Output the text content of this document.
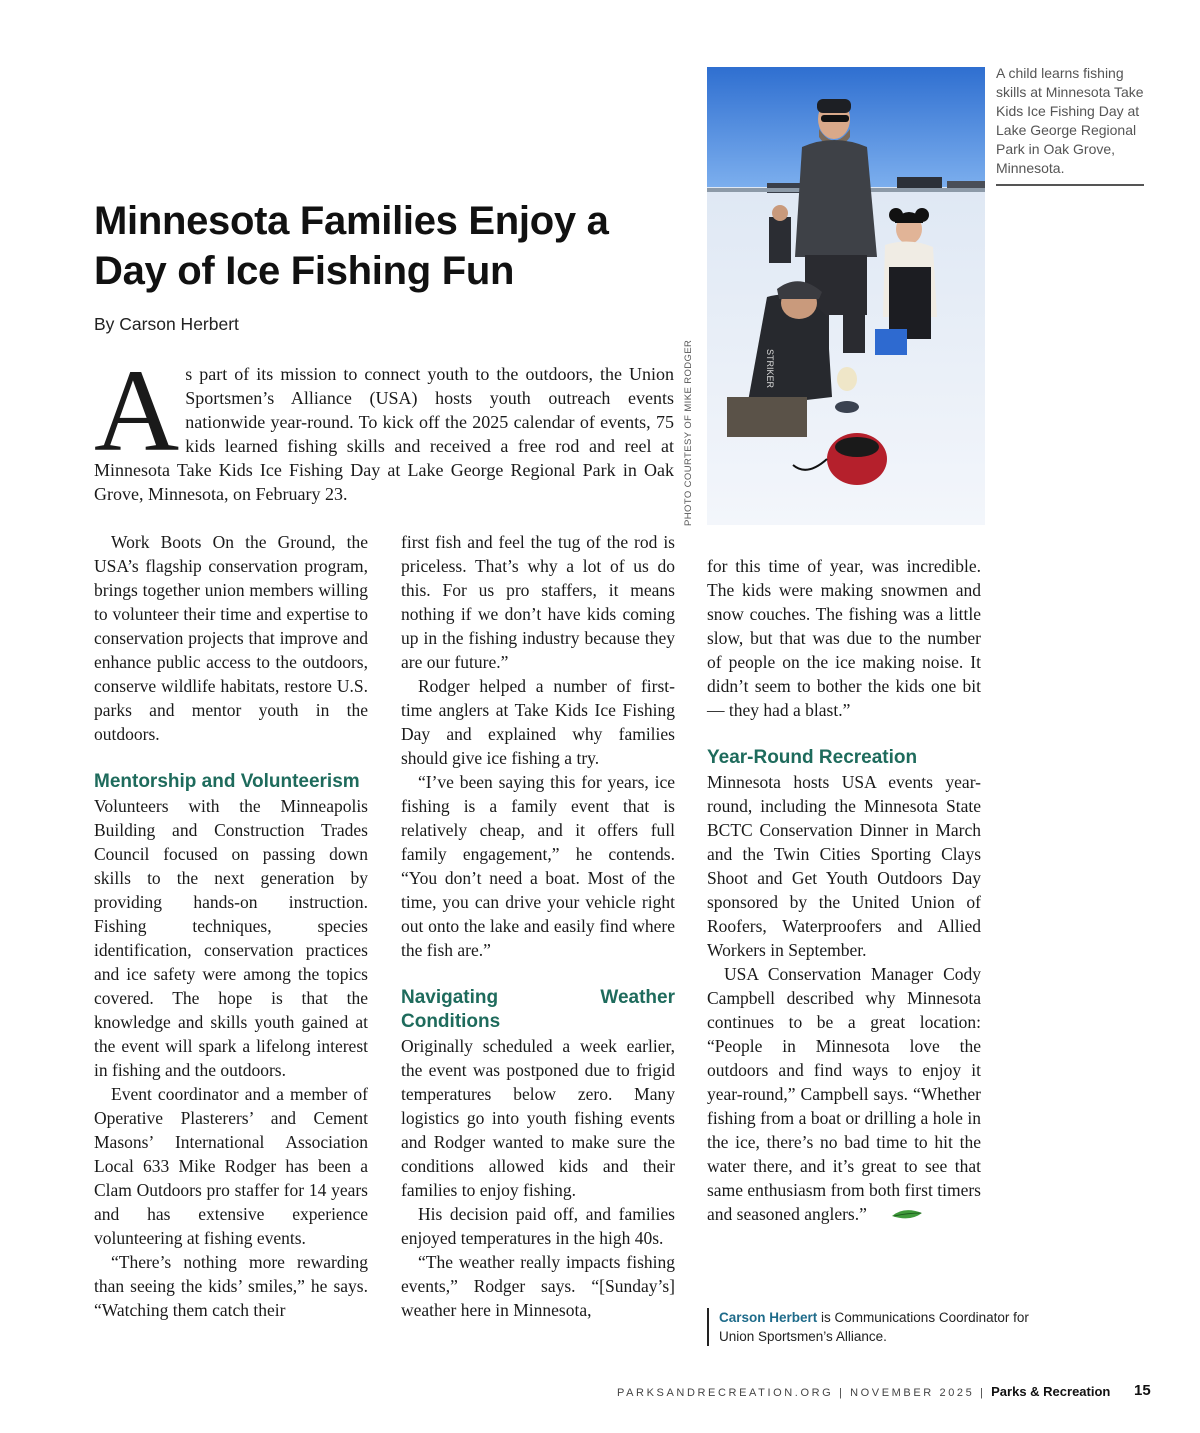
Minnesota Families Enjoy a Day of Ice Fishing Fun
By Carson Herbert

As part of its mission to connect youth to the outdoors, the Union Sportsmen’s Alliance (USA) hosts youth outreach events nationwide year-round. To kick off the 2025 calendar of events, 75 kids learned fishing skills and received a free rod and reel at Minnesota Take Kids Ice Fishing Day at Lake George Regional Park in Oak Grove, Minnesota, on February 23.

STRIKER
PHOTO COURTESY OF MIKE RODGER
A child learns fishing skills at Minnesota Take Kids Ice Fishing Day at Lake George Regional Park in Oak Grove, Minnesota.

Work Boots On the Ground, the USA’s flagship conservation program, brings together union members willing to volunteer their time and expertise to conservation projects that improve and enhance public access to the outdoors, conserve wildlife habitats, restore U.S. parks and mentor youth in the outdoors.

Mentorship and Volunteerism

Volunteers with the Minneapolis Building and Construction Trades Council focused on passing down skills to the next generation by providing hands-on instruction. Fishing techniques, species identification, conservation practices and ice safety were among the topics covered. The hope is that the knowledge and skills youth gained at the event will spark a lifelong interest in fishing and the outdoors.

Event coordinator and a member of Operative Plasterers’ and Cement Masons’ International Association Local 633 Mike Rodger has been a Clam Outdoors pro staffer for 14 years and has extensive experience volunteering at fishing events.

“There’s nothing more rewarding than seeing the kids’ smiles,” he says. “Watching them catch their

first fish and feel the tug of the rod is priceless. That’s why a lot of us do this. For us pro staffers, it means nothing if we don’t have kids coming up in the fishing industry because they are our future.”

Rodger helped a number of first-time anglers at Take Kids Ice Fishing Day and explained why families should give ice fishing a try.

“I’ve been saying this for years, ice fishing is a family event that is relatively cheap, and it offers full family engagement,” he contends. “You don’t need a boat. Most of the time, you can drive your vehicle right out onto the lake and easily find where the fish are.”

Navigating Weather Conditions

Originally scheduled a week earlier, the event was postponed due to frigid temperatures below zero. Many logistics go into youth fishing events and Rodger wanted to make sure the conditions allowed kids and their families to enjoy fishing.

His decision paid off, and families enjoyed temperatures in the high 40s.

“The weather really impacts fishing events,” Rodger says. “[Sunday’s] weather here in Minnesota,

for this time of year, was incredible. The kids were making snowmen and snow couches. The fishing was a little slow, but that was due to the number of people on the ice making noise. It didn’t seem to bother the kids one bit — they had a blast.”

Year-Round Recreation

Minnesota hosts USA events year-round, including the Minnesota State BCTC Conservation Dinner in March and the Twin Cities Sporting Clays Shoot and Get Youth Outdoors Day sponsored by the United Union of Roofers, Waterproofers and Allied Workers in September.

USA Conservation Manager Cody Campbell described why Minnesota continues to be a great location: “People in Minnesota love the outdoors and find ways to enjoy it year-round,” Campbell says. “Whether fishing from a boat or drilling a hole in the ice, there’s no bad time to hit the water there, and it’s great to see that same enthusiasm from both first timers and seasoned anglers.”

Carson Herbert is Communications Coordinator for Union Sportsmen’s Alliance.
PARKSANDRECREATION.ORG | NOVEMBER 2025 | Parks & Recreation 15
